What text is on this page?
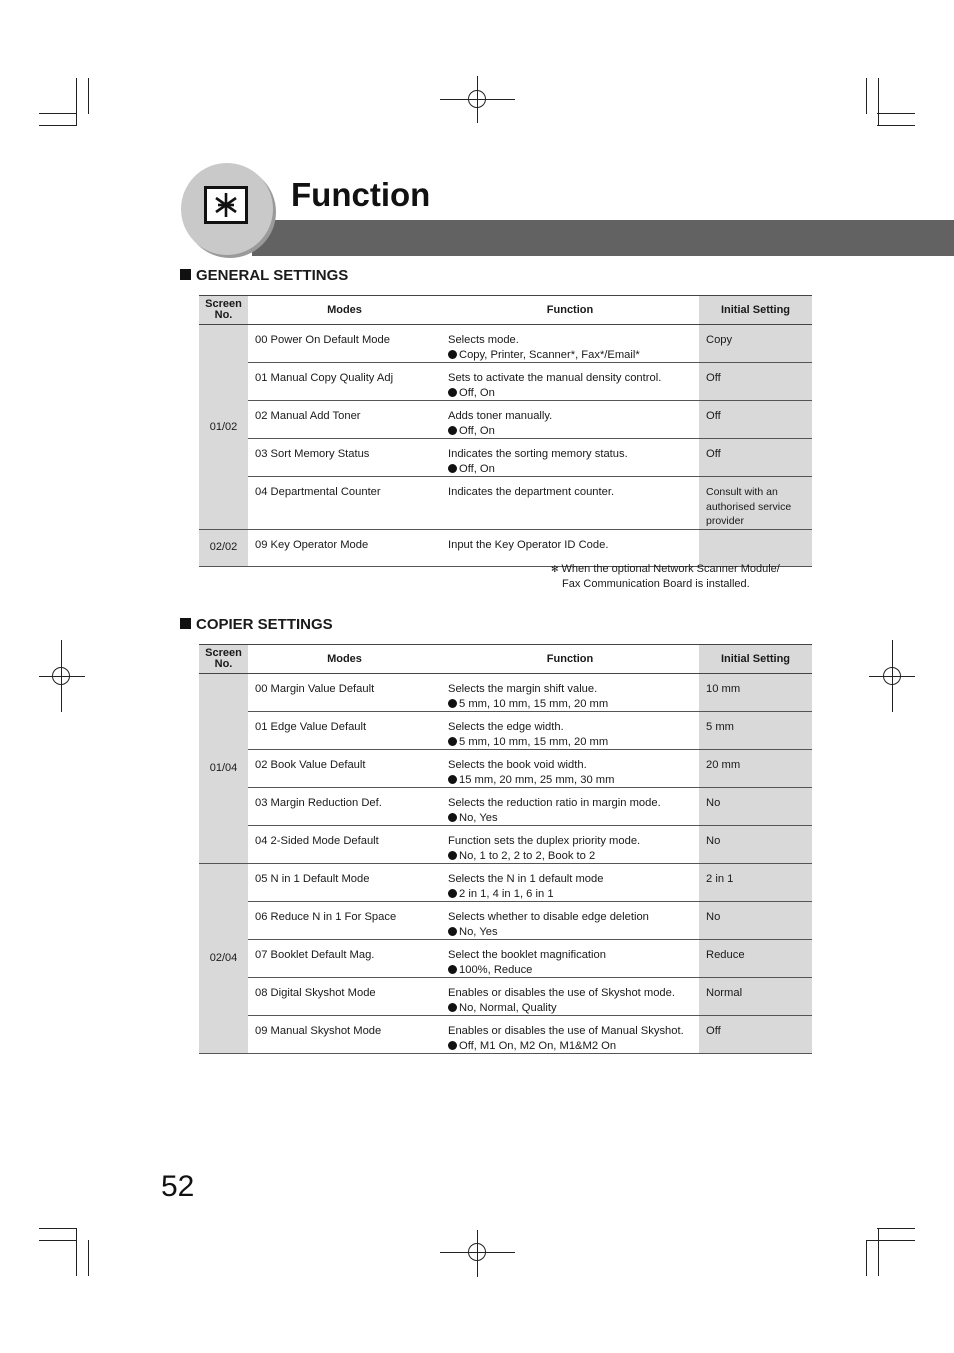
Function
GENERAL SETTINGS
Screen No.	Modes	Function	Initial Setting
01/02	00 Power On Default Mode	Selects mode.
Copy, Printer, Scanner*, Fax*/Email*	Copy
	01 Manual Copy Quality Adj	Sets to activate the manual density control.
Off, On	Off
	02 Manual Add Toner	Adds toner manually.
Off, On	Off
	03 Sort Memory Status	Indicates the sorting memory status.
Off, On	Off
	04 Departmental Counter	Indicates the department counter.	Consult with an authorised service provider
02/02	09 Key Operator Mode	Input the Key Operator ID Code.	

✻ When the optional Network Scanner Module/
Fax Communication Board is installed.
COPIER SETTINGS
Screen No.	Modes	Function	Initial Setting
01/04	00 Margin Value Default	Selects the margin shift value.
5 mm, 10 mm, 15 mm, 20 mm	10 mm
	01 Edge Value Default	Selects the edge width.
5 mm, 10 mm, 15 mm, 20 mm	5 mm
	02 Book Value Default	Selects the book void width.
15 mm, 20 mm, 25 mm, 30 mm	20 mm
	03 Margin Reduction Def.	Selects the reduction ratio in margin mode.
No, Yes	No
	04 2-Sided Mode Default	Function sets the duplex priority mode.
No, 1 to 2, 2 to 2, Book to 2	No
02/04	05 N in 1 Default Mode	Selects the N in 1 default mode
2 in 1, 4 in 1, 6 in 1	2 in 1
	06 Reduce N in 1 For Space	Selects whether to disable edge deletion
No, Yes	No
	07 Booklet Default Mag.	Select the booklet magnification
100%, Reduce	Reduce
	08 Digital Skyshot Mode	Enables or disables the use of Skyshot mode.
No, Normal, Quality	Normal
	09 Manual Skyshot Mode	Enables or disables the use of Manual Skyshot.
Off, M1 On, M2 On, M1&M2 On	Off

52
